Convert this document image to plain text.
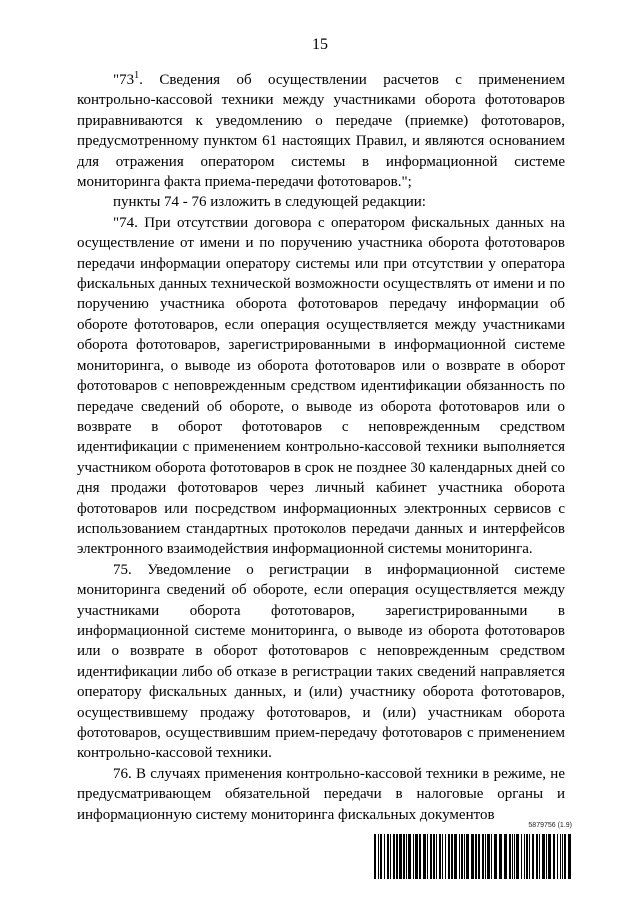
15

"$73^1$. Сведения об осуществлении расчетов с применением контрольно-кассовой техники между участниками оборота фототоваров приравниваются к уведомлению о передаче (приемке) фототоваров, предусмотренному пунктом 61 настоящих Правил, и являются основанием для отражения оператором системы в информационной системе мониторинга факта приема-передачи фототоваров.";

пункты 74 - 76 изложить в следующей редакции:

"74. При отсутствии договора с оператором фискальных данных на осуществление от имени и по поручению участника оборота фототоваров передачи информации оператору системы или при отсутствии у оператора фискальных данных технической возможности осуществлять от имени и по поручению участника оборота фототоваров передачу информации об обороте фототоваров, если операция осуществляется между участниками оборота фототоваров, зарегистрированными в информационной системе мониторинга, о выводе из оборота фототоваров или о возврате в оборот фототоваров с неповрежденным средством идентификации обязанность по передаче сведений об обороте, о выводе из оборота фототоваров или о возврате в оборот фототоваров с неповрежденным средством идентификации с применением контрольно-кассовой техники выполняется участником оборота фототоваров в срок не позднее 30 календарных дней со дня продажи фототоваров через личный кабинет участника оборота фототоваров или посредством информационных электронных сервисов с использованием стандартных протоколов передачи данных и интерфейсов электронного взаимодействия информационной системы мониторинга.

75. Уведомление о регистрации в информационной системе мониторинга сведений об обороте, если операция осуществляется между участниками оборота фототоваров, зарегистрированными в информационной системе мониторинга, о выводе из оборота фототоваров или о возврате в оборот фототоваров с неповрежденным средством идентификации либо об отказе в регистрации таких сведений направляется оператору фискальных данных, и (или) участнику оборота фототоваров, осуществившему продажу фототоваров, и (или) участникам оборота фототоваров, осуществившим прием-передачу фототоваров с применением контрольно-кассовой техники.

76. В случаях применения контрольно-кассовой техники в режиме, не предусматривающем обязательной передачи в налоговые органы и информационную систему мониторинга фискальных документов

5879756 (1.9)
